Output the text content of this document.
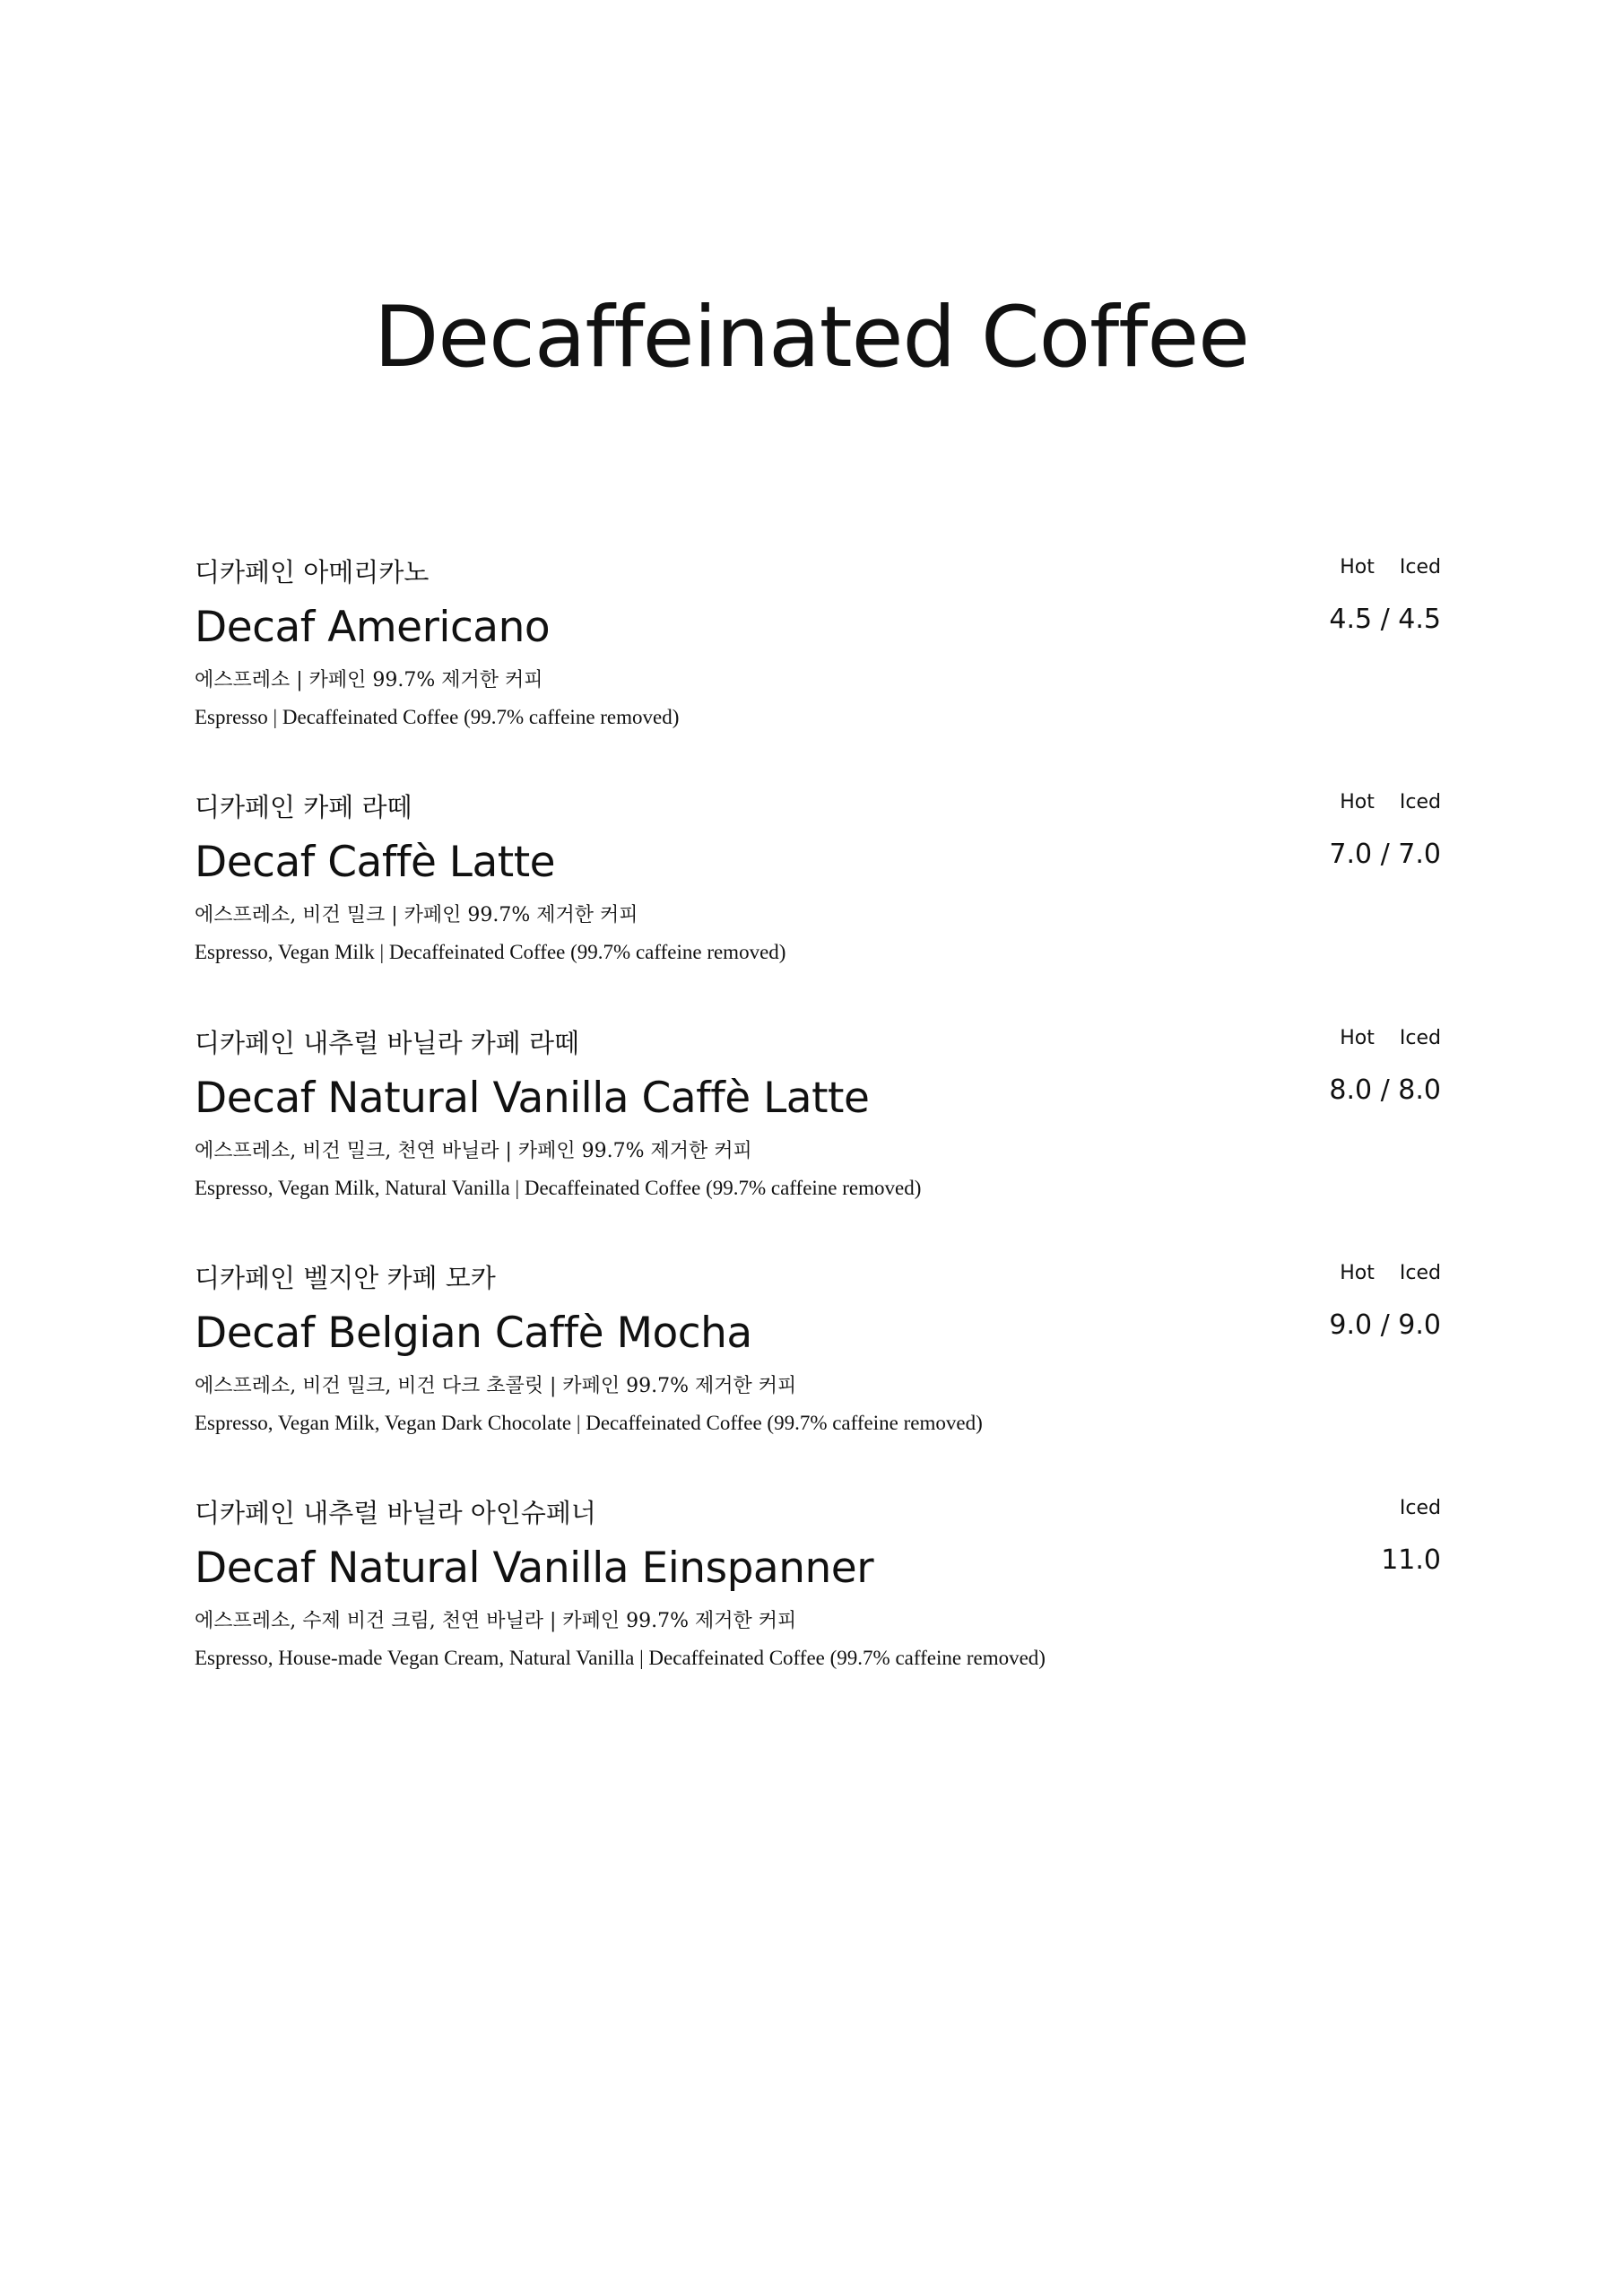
Decaffeinated Coffee
디카페인 아메리카노
Decaf Americano
에스프레소 | 카페인 99.7% 제거한 커피
Espresso | Decaffeinated Coffee (99.7% caffeine removed)
Hot Iced
4.5 / 4.5
디카페인 카페 라떼
Decaf Caffè Latte
에스프레소, 비건 밀크 | 카페인 99.7% 제거한 커피
Espresso, Vegan Milk | Decaffeinated Coffee (99.7% caffeine removed)
Hot Iced
7.0 / 7.0
디카페인 내추럴 바닐라 카페 라떼
Decaf Natural Vanilla Caffè Latte
에스프레소, 비건 밀크, 천연 바닐라 | 카페인 99.7% 제거한 커피
Espresso, Vegan Milk, Natural Vanilla | Decaffeinated Coffee (99.7% caffeine removed)
Hot Iced
8.0 / 8.0
디카페인 벨지안 카페 모카
Decaf Belgian Caffè Mocha
에스프레소, 비건 밀크, 비건 다크 초콜릿 | 카페인 99.7% 제거한 커피
Espresso, Vegan Milk, Vegan Dark Chocolate | Decaffeinated Coffee (99.7% caffeine removed)
Hot Iced
9.0 / 9.0
디카페인 내추럴 바닐라 아인슈페너
Decaf Natural Vanilla Einspanner
에스프레소, 수제 비건 크림, 천연 바닐라 | 카페인 99.7% 제거한 커피
Espresso, House-made Vegan Cream, Natural Vanilla | Decaffeinated Coffee (99.7% caffeine removed)
Iced
11.0
